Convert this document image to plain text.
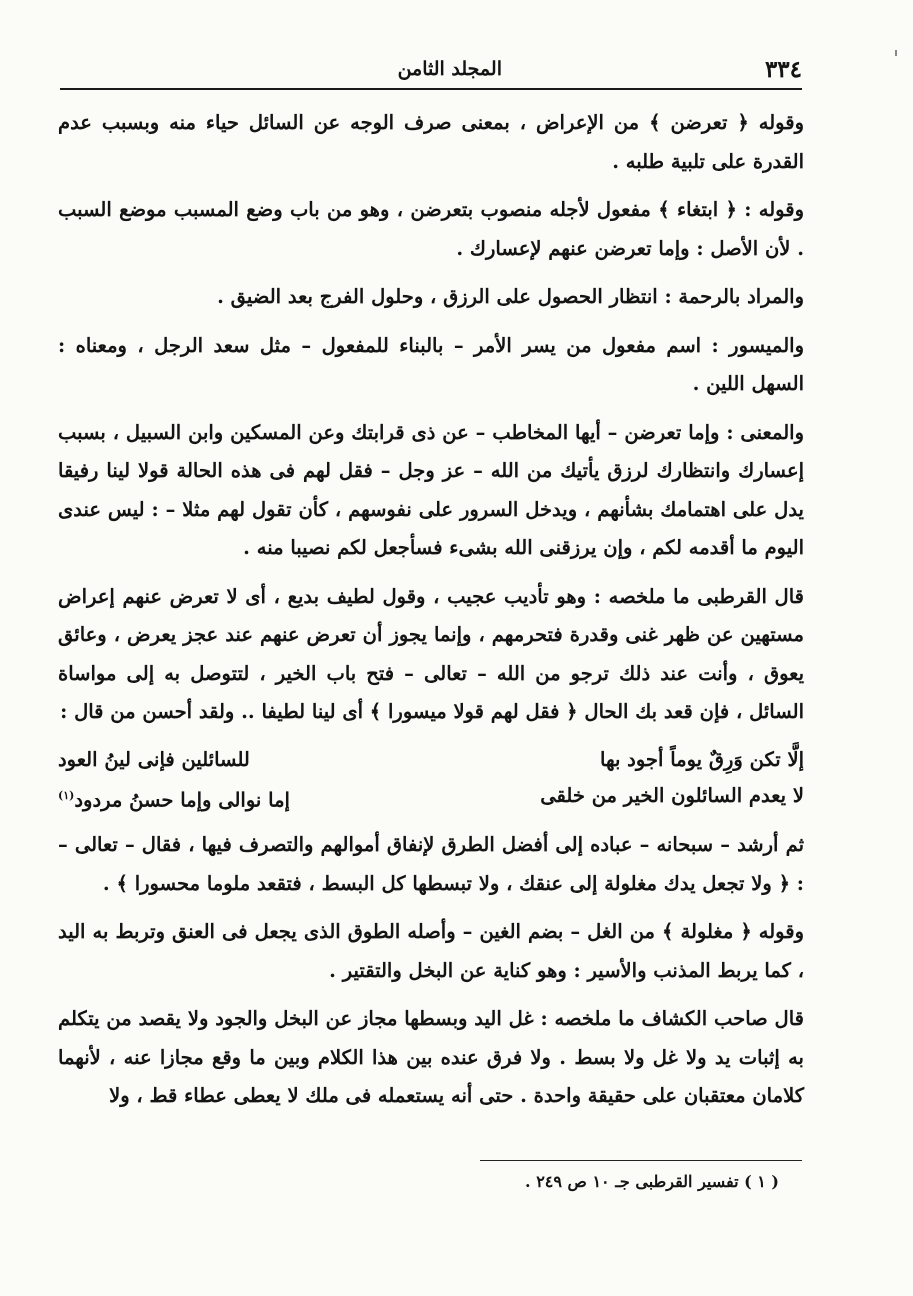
٣٣٤
المجلد الثامن

وقوله ﴿ تعرضن ﴾ من الإعراض ، بمعنى صرف الوجه عن السائل حياء منه وبسبب عدم القدرة على تلبية طلبه .

وقوله : ﴿ ابتغاء ﴾ مفعول لأجله منصوب بتعرضن ، وهو من باب وضع المسبب موضع السبب . لأن الأصل : وإما تعرضن عنهم لإعسارك .

والمراد بالرحمة : انتظار الحصول على الرزق ، وحلول الفرج بعد الضيق .

والميسور : اسم مفعول من يسر الأمر – بالبناء للمفعول – مثل سعد الرجل ، ومعناه : السهل اللين .

والمعنى : وإما تعرضن – أيها المخاطب – عن ذى قرابتك وعن المسكين وابن السبيل ، بسبب إعسارك وانتظارك لرزق يأتيك من الله – عز وجل – فقل لهم فى هذه الحالة قولا لينا رفيقا يدل على اهتمامك بشأنهم ، ويدخل السرور على نفوسهم ، كأن تقول لهم مثلا – : ليس عندى اليوم ما أقدمه لكم ، وإن يرزقنى الله بشىء فسأجعل لكم نصيبا منه .

قال القرطبى ما ملخصه : وهو تأديب عجيب ، وقول لطيف بديع ، أى لا تعرض عنهم إعراض مستهين عن ظهر غنى وقدرة فتحرمهم ، وإنما يجوز أن تعرض عنهم عند عجز يعرض ، وعائق يعوق ، وأنت عند ذلك ترجو من الله – تعالى – فتح باب الخير ، لتتوصل به إلى مواساة السائل ، فإن قعد بك الحال ﴿ فقل لهم قولا ميسورا ﴾ أى لينا لطيفا .. ولقد أحسن من قال :

إلَّا تكن وَرِقٌ يوماً أجود بها
للسائلين فإنى لينُ العود
لا يعدم السائلون الخير من خلقى
إما نوالى وإما حسنُ مردود$^{(١)}$

ثم أرشد – سبحانه – عباده إلى أفضل الطرق لإنفاق أموالهم والتصرف فيها ، فقال – تعالى – : ﴿ ولا تجعل يدك مغلولة إلى عنقك ، ولا تبسطها كل البسط ، فتقعد ملوما محسورا ﴾ .

وقوله ﴿ مغلولة ﴾ من الغل – بضم الغين – وأصله الطوق الذى يجعل فى العنق وتربط به اليد ، كما يربط المذنب والأسير : وهو كناية عن البخل والتقتير .

قال صاحب الكشاف ما ملخصه : غل اليد وبسطها مجاز عن البخل والجود ولا يقصد من يتكلم به إثبات يد ولا غل ولا بسط . ولا فرق عنده بين هذا الكلام وبين ما وقع مجازا عنه ، لأنهما كلامان معتقبان على حقيقة واحدة . حتى أنه يستعمله فى ملك لا يعطى عطاء قط ، ولا

( ١ ) تفسير القرطبى جـ ١٠ ص ٢٤٩ .
